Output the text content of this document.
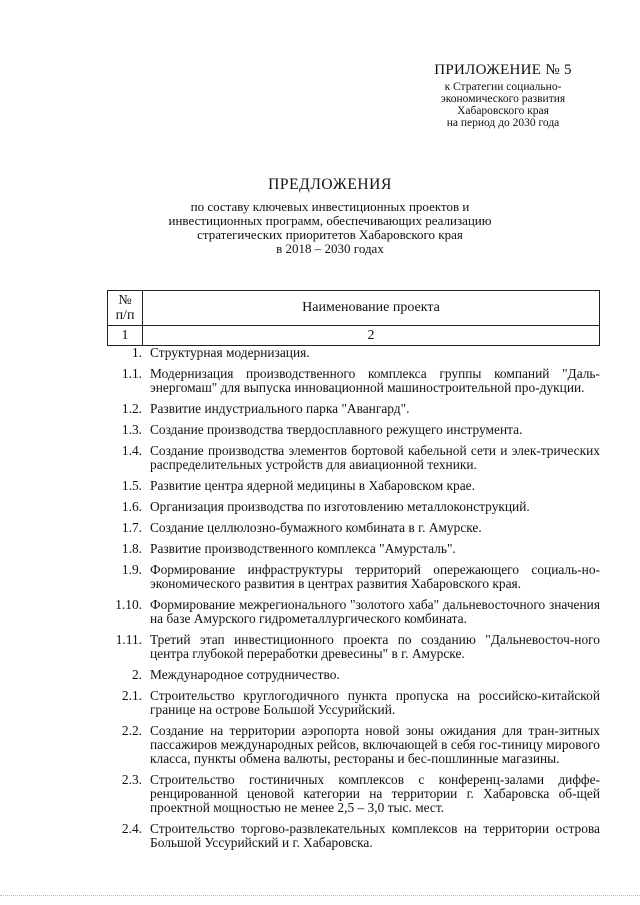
ПРИЛОЖЕНИЕ № 5
к Стратегии социально-
экономического развития
Хабаровского края
на период до 2030 года
ПРЕДЛОЖЕНИЯ
по составу ключевых инвестиционных проектов и
инвестиционных программ, обеспечивающих реализацию
стратегических приоритетов Хабаровского края
в 2018 – 2030 годах
№
п/п	Наименование проекта
1	2
1. Структурная модернизация.
1.1. Модернизация производственного комплекса группы компаний "Даль-энергомаш" для выпуска инновационной машиностроительной про-дукции.
1.2. Развитие индустриального парка "Авангард".
1.3. Создание производства твердосплавного режущего инструмента.
1.4. Создание производства элементов бортовой кабельной сети и элек-трических распределительных устройств для авиационной техники.
1.5. Развитие центра ядерной медицины в Хабаровском крае.
1.6. Организация производства по изготовлению металлоконструкций.
1.7. Создание целлюлозно-бумажного комбината в г. Амурске.
1.8. Развитие производственного комплекса "Амурсталь".
1.9. Формирование инфраструктуры территорий опережающего социаль-но-экономического развития в центрах развития Хабаровского края.
1.10. Формирование межрегионального "золотого хаба" дальневосточного значения на базе Амурского гидрометаллургического комбината.
1.11. Третий этап инвестиционного проекта по созданию "Дальневосточ-ного центра глубокой переработки древесины" в г. Амурске.
2. Международное сотрудничество.
2.1. Строительство круглогодичного пункта пропуска на российско-китайской границе на острове Большой Уссурийский.
2.2. Создание на территории аэропорта новой зоны ожидания для тран-зитных пассажиров международных рейсов, включающей в себя гос-тиницу мирового класса, пункты обмена валюты, рестораны и бес-пошлинные магазины.
2.3. Строительство гостиничных комплексов с конференц-залами диффе-ренцированной ценовой категории на территории г. Хабаровска об-щей проектной мощностью не менее 2,5 – 3,0 тыс. мест.
2.4. Строительство торгово-развлекательных комплексов на территории острова Большой Уссурийский и г. Хабаровска.
